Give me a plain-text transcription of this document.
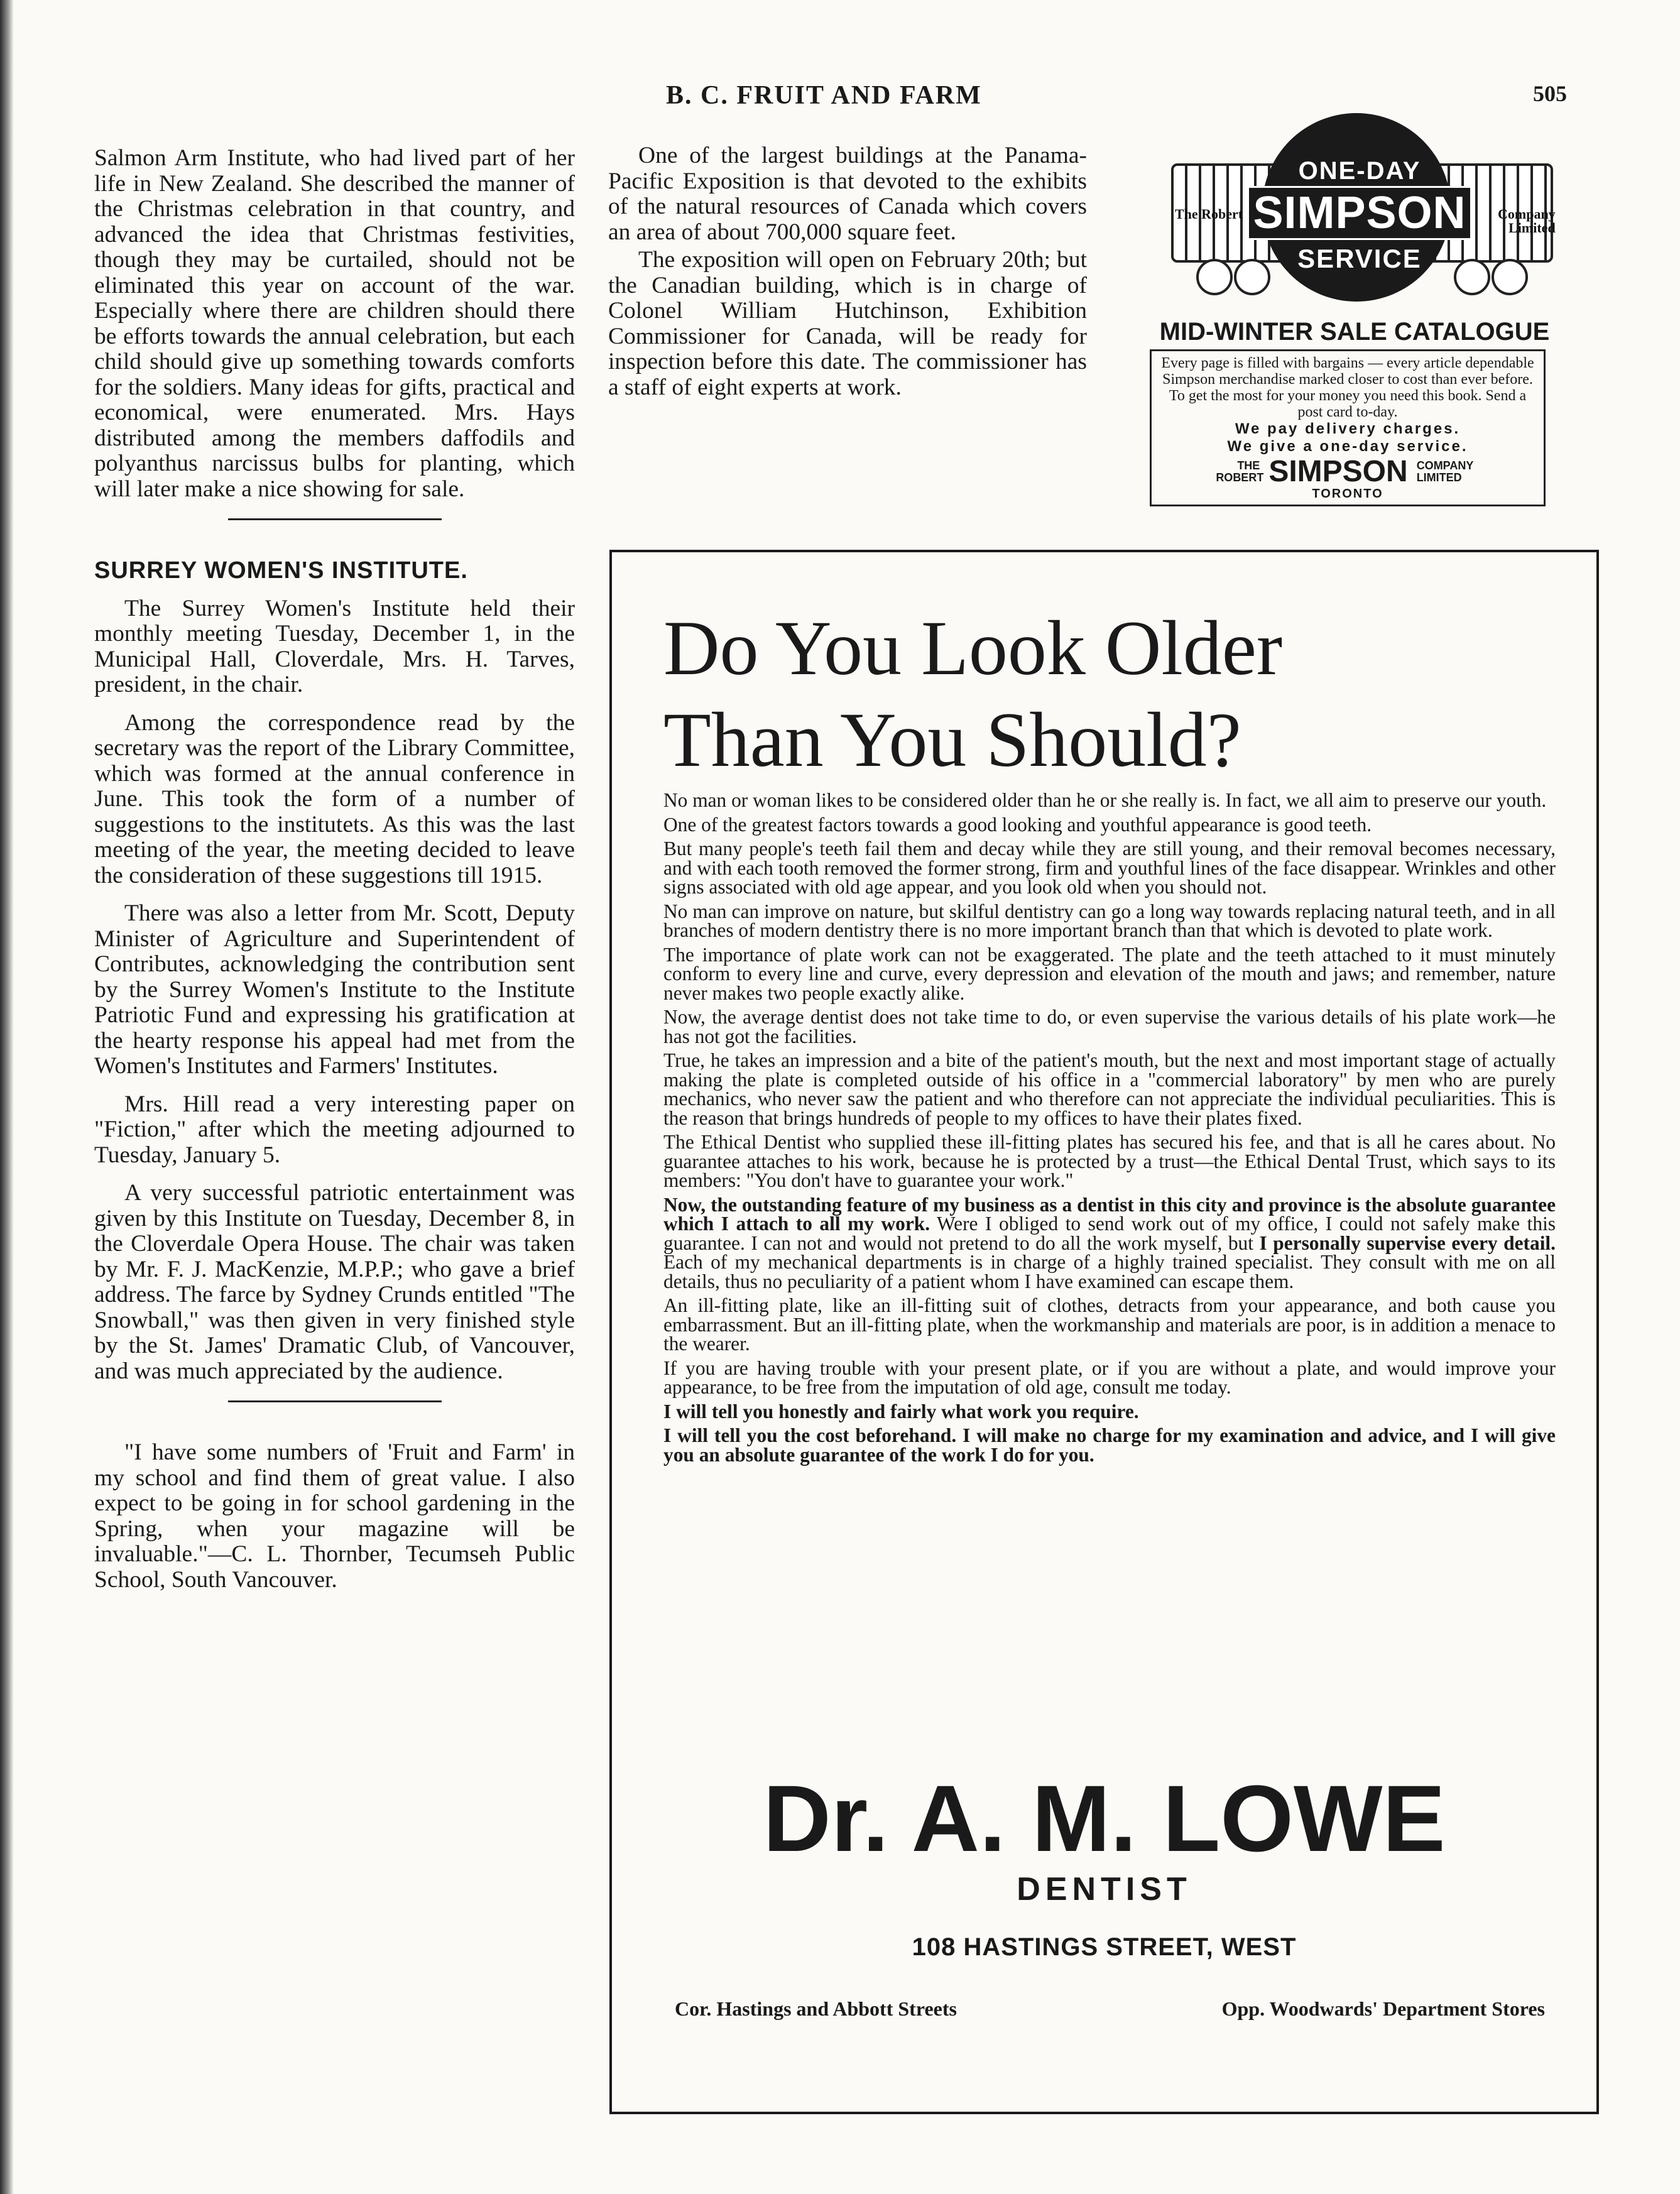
B. C. FRUIT AND FARM	505

Salmon Arm Institute, who had lived part of her life in New Zealand. She described the manner of the Christmas celebration in that country, and advanced the idea that Christmas festivities, though they may be curtailed, should not be eliminated this year on account of the war. Especially where there are children should there be efforts towards the annual celebration, but each child should give up something towards comforts for the soldiers. Many ideas for gifts, practical and economical, were enumerated. Mrs. Hays distributed among the members daffodils and polyanthus narcissus bulbs for planting, which will later make a nice showing for sale.

SURREY WOMEN'S INSTITUTE.

The Surrey Women's Institute held their monthly meeting Tuesday, December 1, in the Municipal Hall, Cloverdale, Mrs. H. Tarves, president, in the chair.

Among the correspondence read by the secretary was the report of the Library Committee, which was formed at the annual conference in June. This took the form of a number of suggestions to the institutets. As this was the last meeting of the year, the meeting decided to leave the consideration of these suggestions till 1915.

There was also a letter from Mr. Scott, Deputy Minister of Agriculture and Superintendent of Contributes, acknowledging the contribution sent by the Surrey Women's Institute to the Institute Patriotic Fund and expressing his gratification at the hearty response his appeal had met from the Women's Institutes and Farmers' Institutes.

Mrs. Hill read a very interesting paper on "Fiction," after which the meeting adjourned to Tuesday, January 5.

A very successful patriotic entertainment was given by this Institute on Tuesday, December 8, in the Cloverdale Opera House. The chair was taken by Mr. F. J. MacKenzie, M.P.P.; who gave a brief address. The farce by Sydney Crunds entitled "The Snowball," was then given in very finished style by the St. James' Dramatic Club, of Vancouver, and was much appreciated by the audience.

"I have some numbers of 'Fruit and Farm' in my school and find them of great value. I also expect to be going in for school gardening in the Spring, when your magazine will be invaluable."—C. L. Thornber, Tecumseh Public School, South Vancouver.

One of the largest buildings at the Panama-Pacific Exposition is that devoted to the exhibits of the natural resources of Canada which covers an area of about 700,000 square feet.

The exposition will open on February 20th; but the Canadian building, which is in charge of Colonel William Hutchinson, Exhibition Commissioner for Canada, will be ready for inspection before this date. The commissioner has a staff of eight experts at work.

The Robert	Company Limited
ONE-DAY
SIMPSON
SERVICE
MID-WINTER SALE CATALOGUE
Every page is filled with bargains — every article dependable Simpson merchandise marked closer to cost than ever before. To get the most for your money you need this book. Send a post card to-day.
We pay delivery charges.
We give a one-day service.
THE ROBERT SIMPSON COMPANY LIMITED
TORONTO
Do You Look Older
Than You Should?

No man or woman likes to be considered older than he or she really is. In fact, we all aim to preserve our youth.

One of the greatest factors towards a good looking and youthful appearance is good teeth.

But many people's teeth fail them and decay while they are still young, and their removal becomes necessary, and with each tooth removed the former strong, firm and youthful lines of the face disappear. Wrinkles and other signs associated with old age appear, and you look old when you should not.

No man can improve on nature, but skilful dentistry can go a long way towards replacing natural teeth, and in all branches of modern dentistry there is no more important branch than that which is devoted to plate work.

The importance of plate work can not be exaggerated. The plate and the teeth attached to it must minutely conform to every line and curve, every depression and elevation of the mouth and jaws; and remember, nature never makes two people exactly alike.

Now, the average dentist does not take time to do, or even supervise the various details of his plate work—he has not got the facilities.

True, he takes an impression and a bite of the patient's mouth, but the next and most important stage of actually making the plate is completed outside of his office in a "commercial laboratory" by men who are purely mechanics, who never saw the patient and who therefore can not appreciate the individual peculiarities. This is the reason that brings hundreds of people to my offices to have their plates fixed.

The Ethical Dentist who supplied these ill-fitting plates has secured his fee, and that is all he cares about. No guarantee attaches to his work, because he is protected by a trust—the Ethical Dental Trust, which says to its members: "You don't have to guarantee your work."

Now, the outstanding feature of my business as a dentist in this city and province is the absolute guarantee which I attach to all my work. Were I obliged to send work out of my office, I could not safely make this guarantee. I can not and would not pretend to do all the work myself, but I personally supervise every detail. Each of my mechanical departments is in charge of a highly trained specialist. They consult with me on all details, thus no peculiarity of a patient whom I have examined can escape them.

An ill-fitting plate, like an ill-fitting suit of clothes, detracts from your appearance, and both cause you embarrassment. But an ill-fitting plate, when the workmanship and materials are poor, is in addition a menace to the wearer.

If you are having trouble with your present plate, or if you are without a plate, and would improve your appearance, to be free from the imputation of old age, consult me today.

I will tell you honestly and fairly what work you require.

I will tell you the cost beforehand. I will make no charge for my examination and advice, and I will give you an absolute guarantee of the work I do for you.

Dr. A. M. LOWE
DENTIST
108 HASTINGS STREET, WEST
Cor. Hastings and Abbott Streets	Opp. Woodwards' Department Stores
